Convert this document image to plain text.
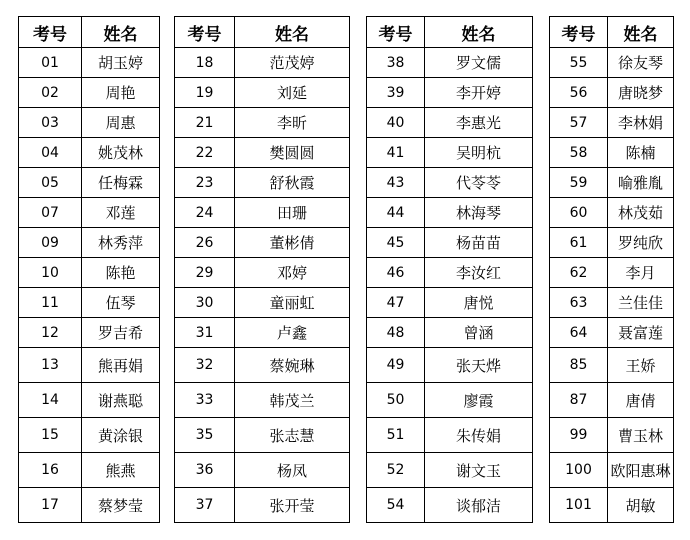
考号	姓名		考号	姓名		考号	姓名		考号	姓名
01	胡玉婷		18	范茂婷		38	罗文儒		55	徐友琴
02	周艳		19	刘延		39	李开婷		56	唐晓梦
03	周惠		21	李昕		40	李惠光		57	李林娟
04	姚茂林		22	樊圆圆		41	吴明杭		58	陈楠
05	任梅霖		23	舒秋霞		43	代苓苓		59	喻雅胤
07	邓莲		24	田珊		44	林海琴		60	林茂茹
09	林秀萍		26	董彬倩		45	杨苗苗		61	罗纯欣
10	陈艳		29	邓婷		46	李汝红		62	李月
11	伍琴		30	童丽虹		47	唐悦		63	兰佳佳
12	罗吉希		31	卢鑫		48	曾涵		64	聂富莲
13	熊再娟		32	蔡婉琳		49	张天烨		85	王娇
14	谢燕聪		33	韩茂兰		50	廖霞		87	唐倩
15	黄涂银		35	张志慧		51	朱传娟		99	曹玉林
16	熊燕		36	杨凤		52	谢文玉		100	欧阳惠琳
17	蔡梦莹		37	张开莹		54	谈郁洁		101	胡敏
